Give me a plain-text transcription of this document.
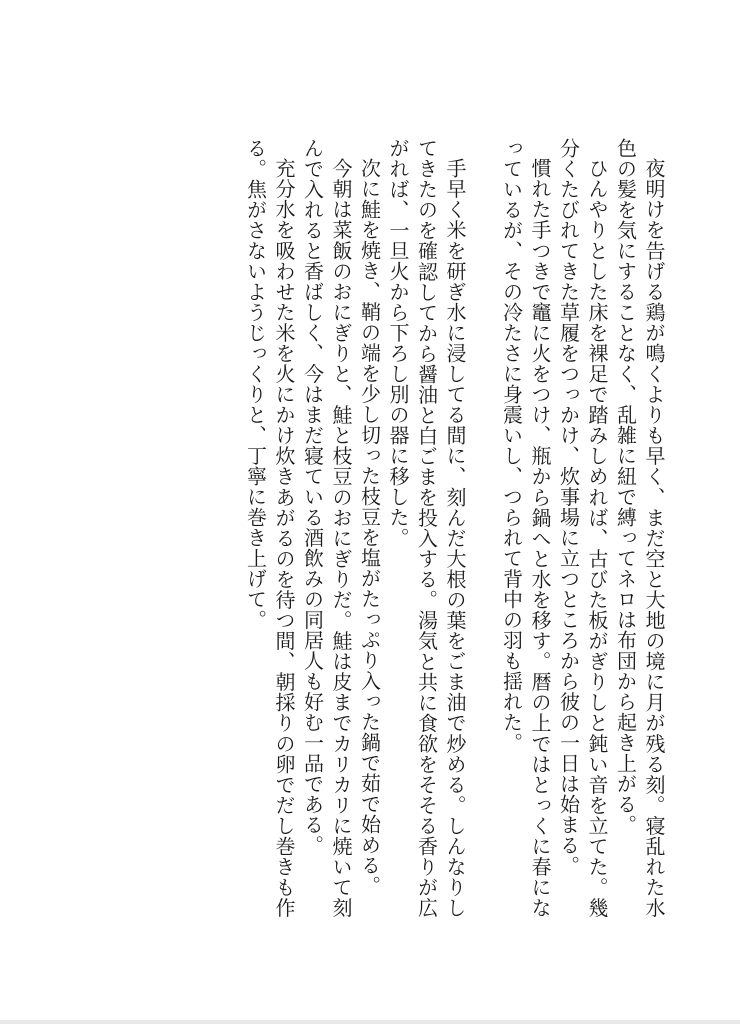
夜明けを告げる鶏が鳴くよりも早く、まだ空と大地の境に月が残る刻。寝乱れた水色の髪を気にすることなく、乱雑に紐で縛ってネロは布団から起き上がる。

ひんやりとした床を裸足で踏みしめれば、古びた板がぎりしと鈍い音を立てた。幾分くたびれてきた草履をつっかけ、炊事場に立つところから彼の一日は始まる。

慣れた手つきで竈に火をつけ、瓶から鍋へと水を移す。暦の上ではとっくに春になっているが、その冷たさに身震いし、つられて背中の羽も揺れた。

手早く米を研ぎ水に浸してる間に、刻んだ大根の葉をごま油で炒める。しんなりしてきたのを確認してから醤油と白ごまを投入する。湯気と共に食欲をそそる香りが広がれば、一旦火から下ろし別の器に移した。

次に鮭を焼き、鞘の端を少し切った枝豆を塩がたっぷり入った鍋で茹で始める。

今朝は菜飯のおにぎりと、鮭と枝豆のおにぎりだ。鮭は皮までカリカリに焼いて刻んで入れると香ばしく、今はまだ寝ている酒飲みの同居人も好む一品である。

充分水を吸わせた米を火にかけ炊きあがるのを待つ間、朝採りの卵でだし巻きも作る。焦がさないようじっくりと、丁寧に巻き上げて。
